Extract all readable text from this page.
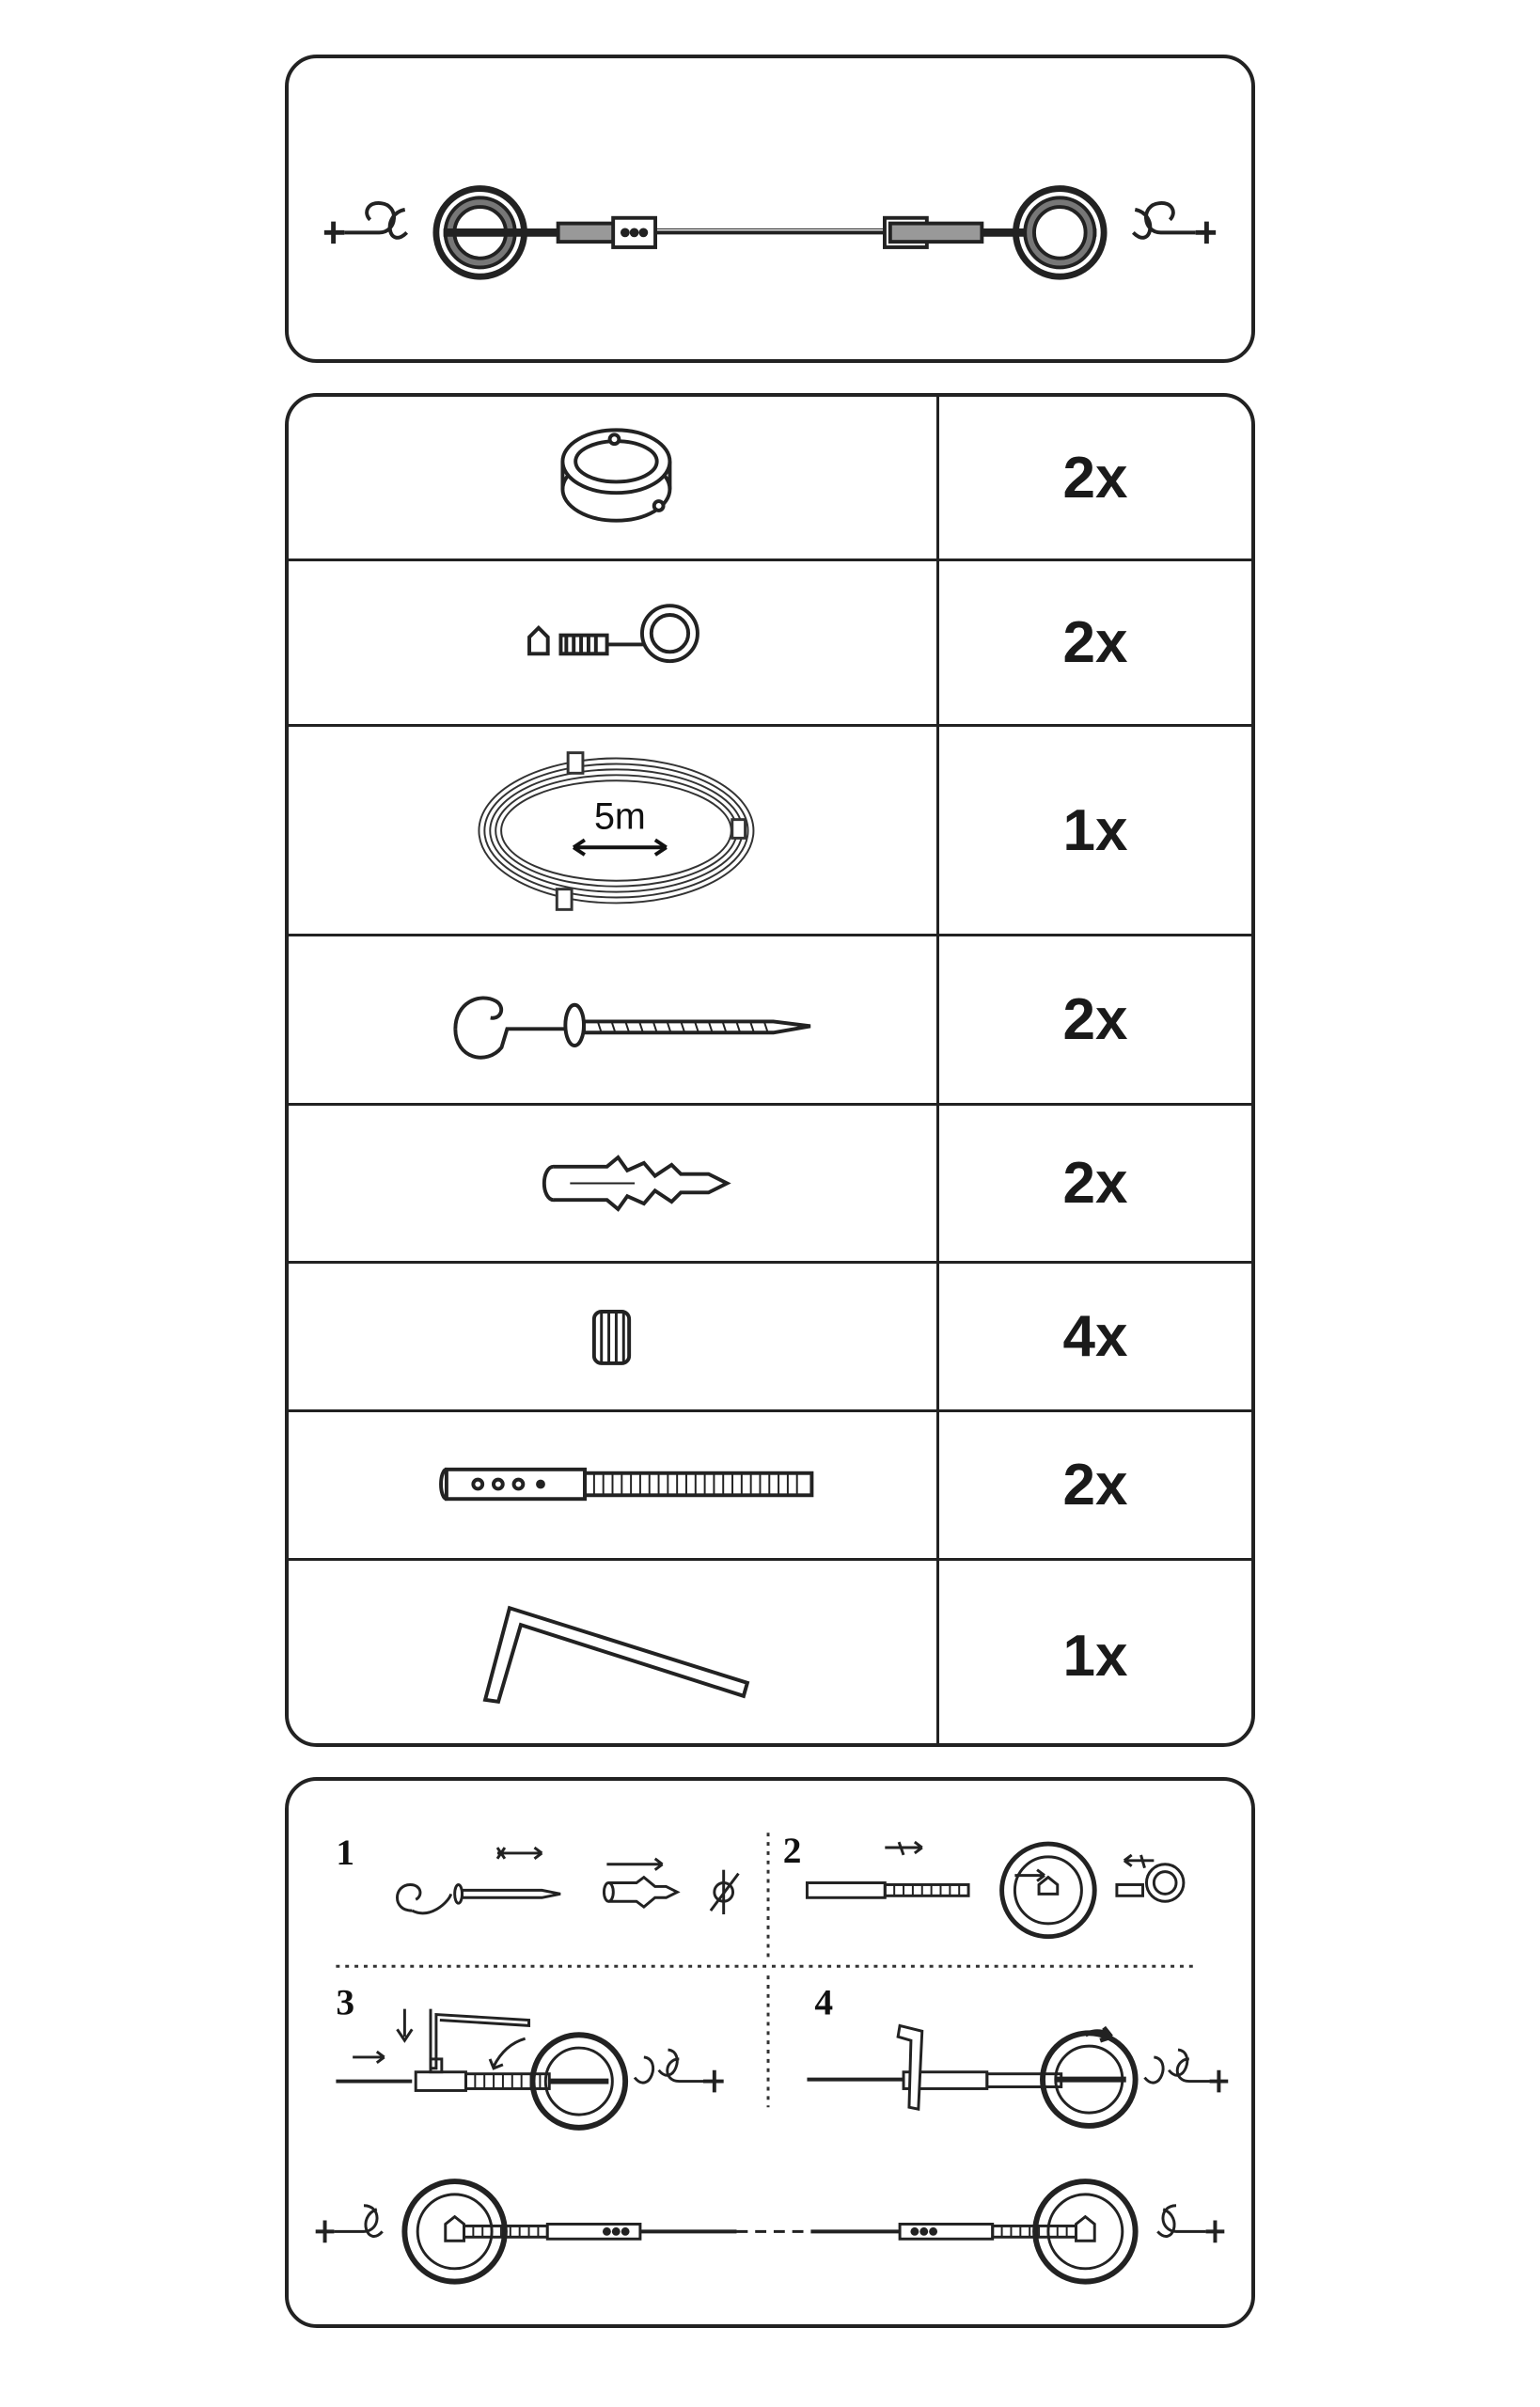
2x
2x
5m	1x
2x
2x
4x
2x
1x
1	2
3	4
